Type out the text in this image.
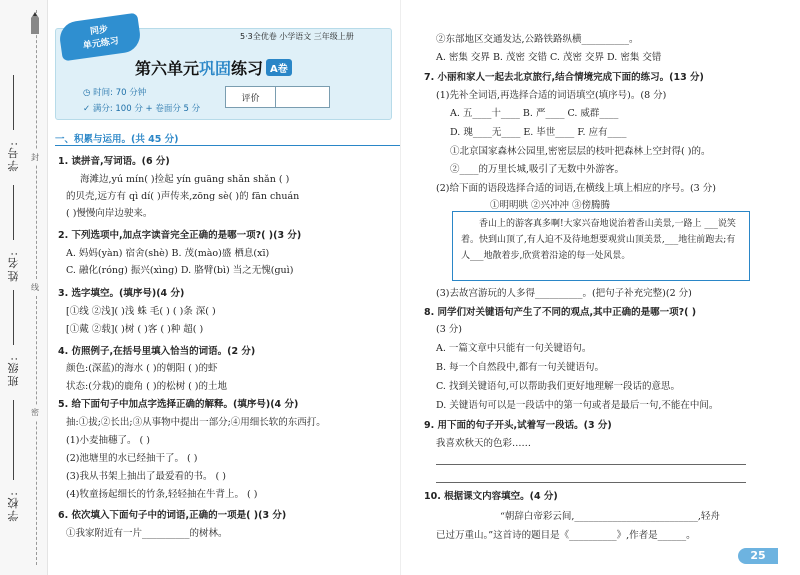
学号:
姓名:
班级:
学校:
封
线
密
同步
单元练习	5·3全优卷 小学语文 三年级上册
第六单元巩固练习 A卷
◷ 时间: 70 分钟
✓ 满分: 100 分 + 卷面分 5 分
评价
一、积累与运用。(共 45 分)
1. 读拼音,写词语。(6 分)
海滩边,yú mín( )捡起 yín guāng shǎn shǎn ( )
的贝壳,远方有 qì dí( )声传来,zōng sè( )的 fān chuán
( )慢慢向岸边驶来。
2. 下列选项中,加点字读音完全正确的是哪一项?( )(3 分)
A. 妈妈(yàn) 宿舍(shè) B. 茂(mào)盛 栖息(xī)
C. 融化(róng) 振兴(xìng) D. 胳臂(bì) 当之无愧(guì)
3. 选字填空。(填序号)(4 分)
[①线 ②浅]( )浅 蛛 毛( ) ( )条 深( )
[①戴 ②载]( )树 ( )客 ( )种 超( )
4. 仿照例子,在括号里填入恰当的词语。(2 分)
颜色:(深蓝)的海水 ( )的朝阳 ( )的虾
状态:(分栽)的鹿角 ( )的松树 ( )的土地
5. 给下面句子中加点字选择正确的解释。(填序号)(4 分)
抽:①拔;②长出;③从事物中提出一部分;④用细长软的东西打。
(1)小麦抽穗了。 ( )
(2)池塘里的水已经抽干了。 ( )
(3)我从书架上抽出了最爱看的书。 ( )
(4)牧童扬起细长的竹条,轻轻抽在牛背上。 ( )
6. 依次填入下面句子中的词语,正确的一项是( )(3 分)
①我家附近有一片__________的树林。
②东部地区交通发达,公路铁路纵横__________。
A. 密集 交界 B. 茂密 交错 C. 茂密 交界 D. 密集 交错
7. 小丽和家人一起去北京旅行,结合情境完成下面的练习。(13 分)
(1)先补全词语,再选择合适的词语填空(填序号)。(8 分)
A. 五____十____ B. 严____ C. 威群____
D. 瑰____无____ E. 毕世____ F. 应有____
①北京国家森林公园里,密密层层的枝叶把森林上空封得( )的。
②____的万里长城,吸引了无数中外游客。
(2)给下面的语段选择合适的词语,在横线上填上相应的序号。(3 分)
①明明哄 ②兴冲冲 ③傍腾腾
香山上的游客真多啊!大家兴奋地说治着香山美景,一路上 ___说笑着。快到山顶了,有人迫不及待地想要观赏山顶美景,___地往前跑去;有人___地散着步,欣赏着沿途的每一处风景。
(3)去故宫游玩的人多得__________。(把句子补充完整)(2 分)
8. 同学们对关键语句产生了不同的观点,其中正确的是哪一项?( )
(3 分)
A. 一篇文章中只能有一句关键语句。
B. 每一个自然段中,都有一句关键语句。
C. 找到关键语句,可以帮助我们更好地理解一段话的意思。
D. 关键语句可以是一段话中的第一句或者是最后一句,不能在中间。
9. 用下面的句子开头,试着写一段话。(3 分)
我喜欢秋天的色彩……
10. 根据课文内容填空。(4 分)
“朝辞白帝彩云间,__________________________,轻舟
已过万重山。”这首诗的题目是《__________》,作者是______。
25
